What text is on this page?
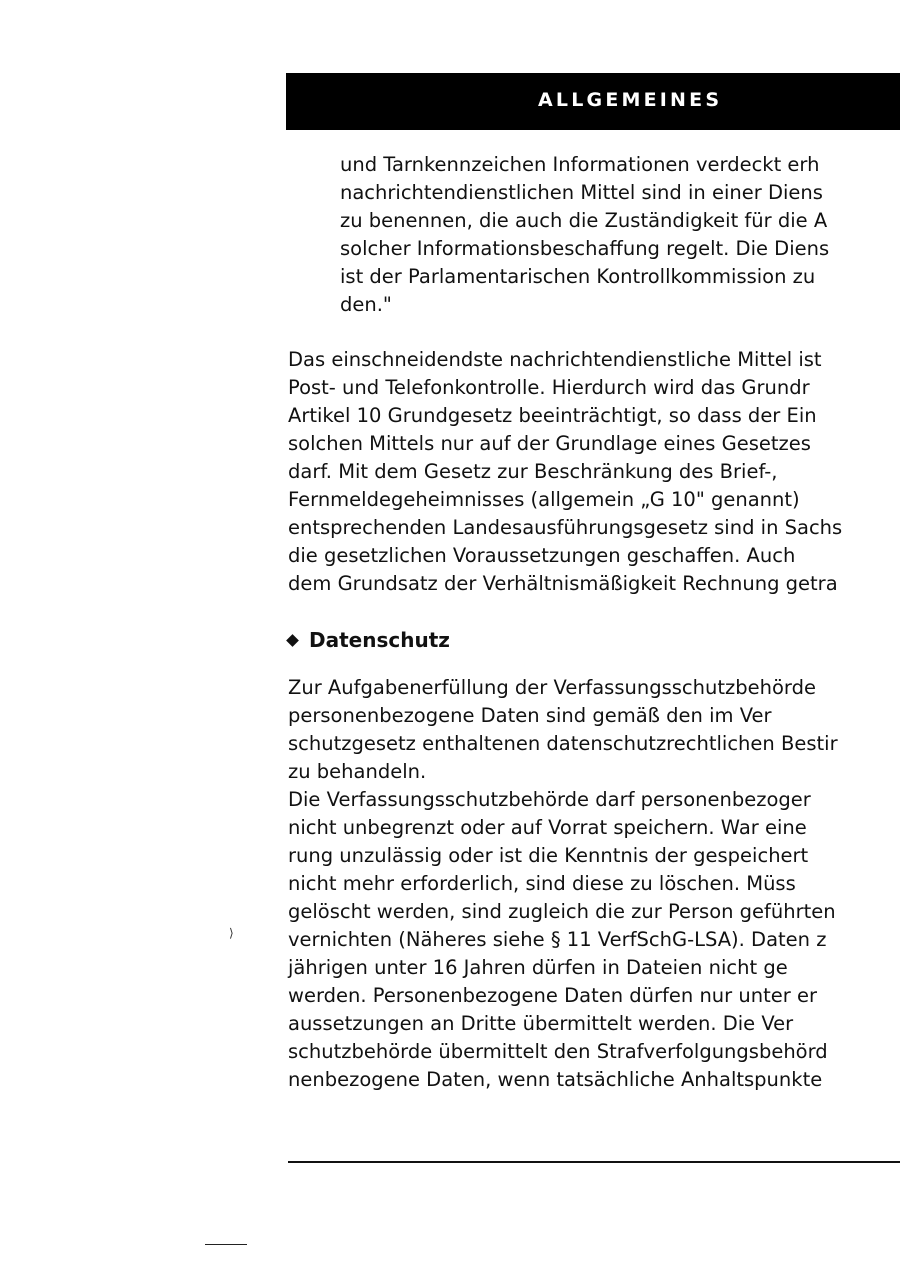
ALLGEMEINES
und Tarnkennzeichen Informationen verdeckt erh
nachrichtendienstlichen Mittel sind in einer Diens
zu benennen, die auch die Zuständigkeit für die A
solcher Informationsbeschaffung regelt. Die Diens
ist der Parlamentarischen Kontrollkommission zu
den."
Das einschneidendste nachrichtendienstliche Mittel ist
Post- und Telefonkontrolle. Hierdurch wird das Grundr
Artikel 10 Grundgesetz beeinträchtigt, so dass der Ein
solchen Mittels nur auf der Grundlage eines Gesetzes
darf. Mit dem Gesetz zur Beschränkung des Brief-,
Fernmeldegeheimnisses (allgemein „G 10" genannt)
entsprechenden Landesausführungsgesetz sind in Sachs
die gesetzlichen Voraussetzungen geschaffen. Auch
dem Grundsatz der Verhältnismäßigkeit Rechnung getra
Datenschutz
Zur Aufgabenerfüllung der Verfassungsschutzbehörde
personenbezogene Daten sind gemäß den im Ver
schutzgesetz enthaltenen datenschutzrechtlichen Bestir
zu behandeln.
Die Verfassungsschutzbehörde darf personenbezoger
nicht unbegrenzt oder auf Vorrat speichern. War eine
rung unzulässig oder ist die Kenntnis der gespeichert
nicht mehr erforderlich, sind diese zu löschen. Müss
gelöscht werden, sind zugleich die zur Person geführten
vernichten (Näheres siehe § 11 VerfSchG-LSA). Daten z
jährigen unter 16 Jahren dürfen in Dateien nicht ge
werden. Personenbezogene Daten dürfen nur unter er
aussetzungen an Dritte übermittelt werden. Die Ver
schutzbehörde übermittelt den Strafverfolgungsbehörd
nenbezogene Daten, wenn tatsächliche Anhaltspunkte
⟩
